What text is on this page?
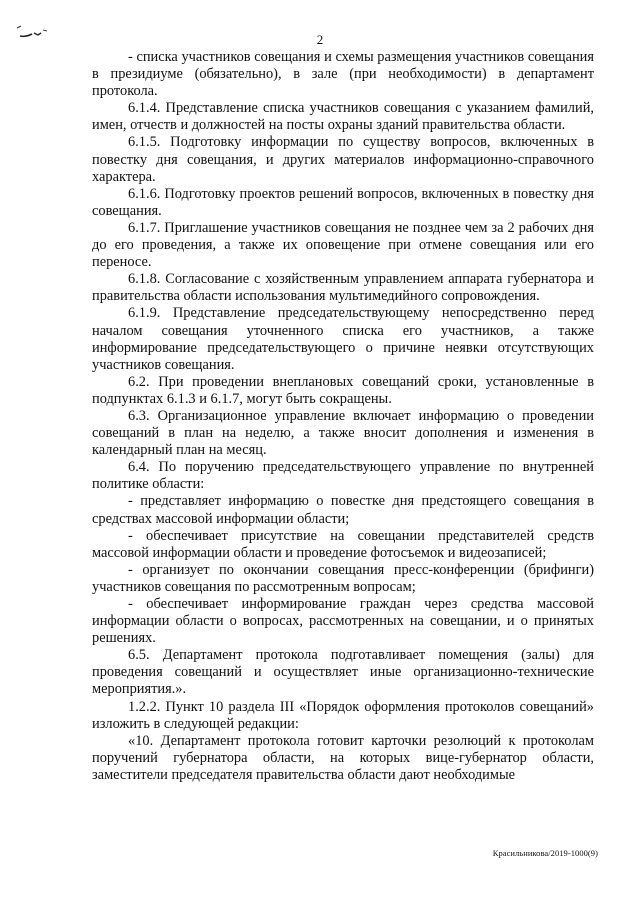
2

- списка участников совещания и схемы размещения участников совещания в президиуме (обязательно), в зале (при необходимости) в департамент протокола.

6.1.4. Представление списка участников совещания с указанием фамилий, имен, отчеств и должностей на посты охраны зданий правительства области.

6.1.5. Подготовку информации по существу вопросов, включенных в повестку дня совещания, и других материалов информационно-справочного характера.

6.1.6. Подготовку проектов решений вопросов, включенных в повестку дня совещания.

6.1.7. Приглашение участников совещания не позднее чем за 2 рабочих дня до его проведения, а также их оповещение при отмене совещания или его переносе.

6.1.8. Согласование с хозяйственным управлением аппарата губернатора и правительства области использования мультимедийного сопровождения.

6.1.9. Представление председательствующему непосредственно перед началом совещания уточненного списка его участников, а также информирование председательствующего о причине неявки отсутствующих участников совещания.

6.2. При проведении внеплановых совещаний сроки, установленные в подпунктах 6.1.3 и 6.1.7, могут быть сокращены.

6.3. Организационное управление включает информацию о проведении совещаний в план на неделю, а также вносит дополнения и изменения в календарный план на месяц.

6.4. По поручению председательствующего управление по внутренней политике области:

- представляет информацию о повестке дня предстоящего совещания в средствах массовой информации области;

- обеспечивает присутствие на совещании представителей средств массовой информации области и проведение фотосъемок и видеозаписей;

- организует по окончании совещания пресс-конференции (брифинги) участников совещания по рассмотренным вопросам;

- обеспечивает информирование граждан через средства массовой информации области о вопросах, рассмотренных на совещании, и о принятых решениях.

6.5. Департамент протокола подготавливает помещения (залы) для проведения совещаний и осуществляет иные организационно-технические мероприятия.».

1.2.2. Пункт 10 раздела III «Порядок оформления протоколов совещаний» изложить в следующей редакции:

«10. Департамент протокола готовит карточки резолюций к протоколам поручений губернатора области, на которых вице-губернатор области, заместители председателя правительства области дают необходимые

Красильникова/2019-1000(9)
